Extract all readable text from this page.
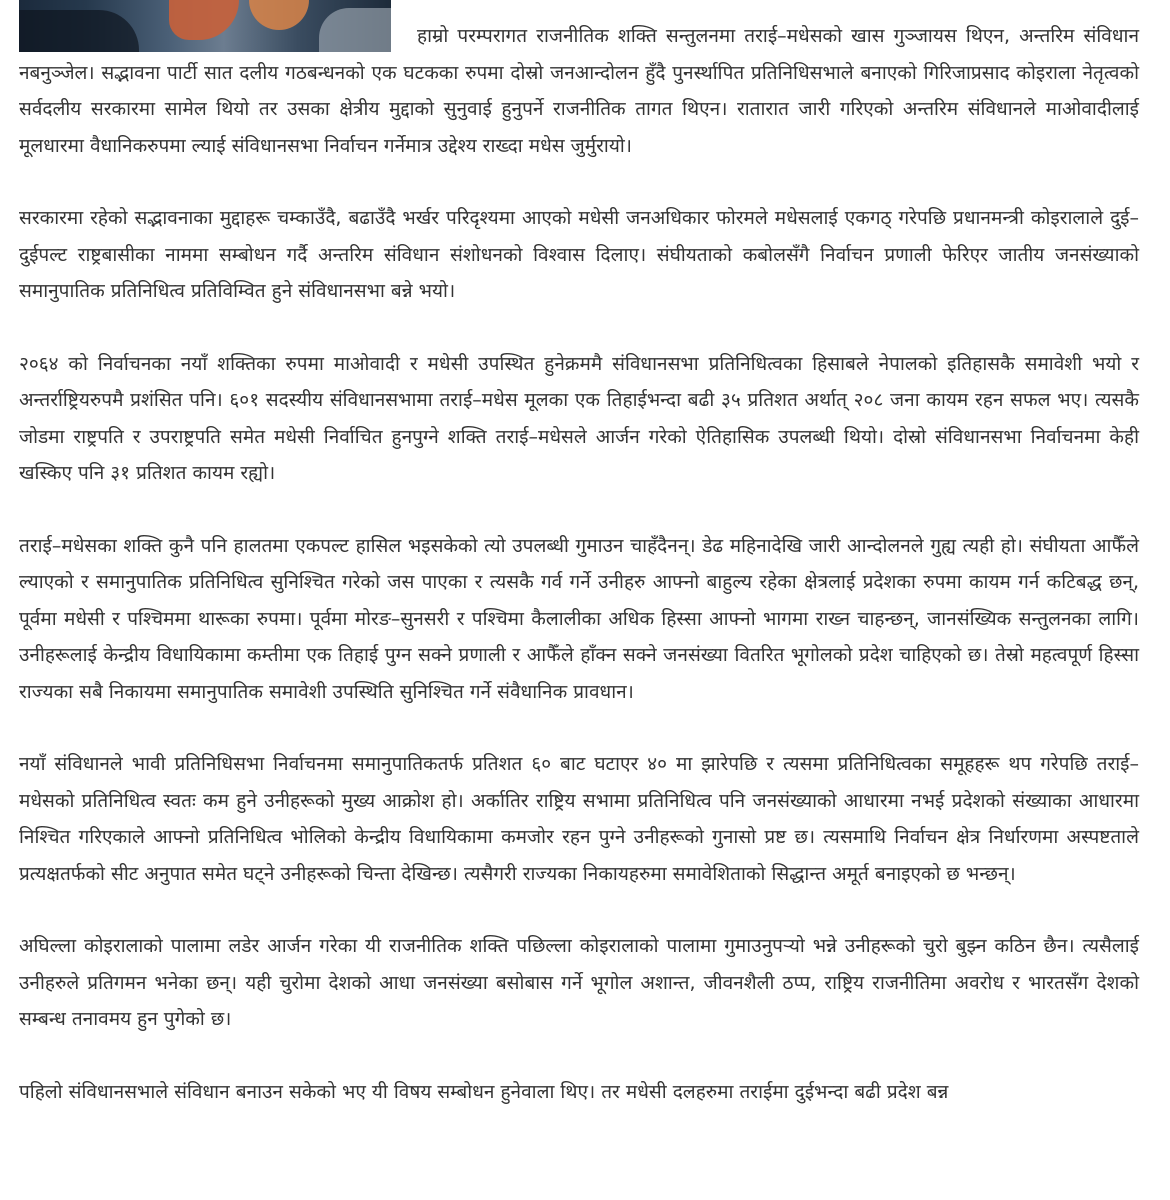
हाम्रो परम्परागत राजनीतिक शक्ति सन्तुलनमा तराई–मधेसको खास गुञ्जायस थिएन, अन्तरिम संविधान नबनुञ्जेल। सद्भावना पार्टी सात दलीय गठबन्धनको एक घटकका रुपमा दोस्रो जनआन्दोलन हुँदै पुनर्स्थापित प्रतिनिधिसभाले बनाएको गिरिजाप्रसाद कोइराला नेतृत्वको सर्वदलीय सरकारमा सामेल थियो तर उसका क्षेत्रीय मुद्दाको सुनुवाई हुनुपर्ने राजनीतिक तागत थिएन। रातारात जारी गरिएको अन्तरिम संविधानले माओवादीलाई मूलधारमा वैधानिकरुपमा ल्याई संविधानसभा निर्वाचन गर्नेमात्र उद्देश्य राख्दा मधेस जुर्मुरायो।

सरकारमा रहेको सद्भावनाका मुद्दाहरू चम्काउँदै, बढाउँदै भर्खर परिदृश्यमा आएको मधेसी जनअधिकार फोरमले मधेसलाई एकगठ् गरेपछि प्रधानमन्त्री कोइरालाले दुई–दुईपल्ट राष्ट्रबासीका नाममा सम्बोधन गर्दै अन्तरिम संविधान संशोधनको विश्वास दिलाए। संघीयताको कबोलसँगै निर्वाचन प्रणाली फेरिएर जातीय जनसंख्याको समानुपातिक प्रतिनिधित्व प्रतिविम्वित हुने संविधानसभा बन्ने भयो।

२०६४ को निर्वाचनका नयाँ शक्तिका रुपमा माओवादी र मधेसी उपस्थित हुनेक्रममै संविधानसभा प्रतिनिधित्वका हिसाबले नेपालको इतिहासकै समावेशी भयो र अन्तर्राष्ट्रियरुपमै प्रशंसित पनि। ६०१ सदस्यीय संविधानसभामा तराई–मधेस मूलका एक तिहाईभन्दा बढी ३५ प्रतिशत अर्थात् २०८ जना कायम रहन सफल भए। त्यसकै जोडमा राष्ट्रपति र उपराष्ट्रपति समेत मधेसी निर्वाचित हुनपुग्ने शक्ति तराई–मधेसले आर्जन गरेको ऐतिहासिक उपलब्धी थियो। दोस्रो संविधानसभा निर्वाचनमा केही खस्किए पनि ३१ प्रतिशत कायम रह्यो।

तराई–मधेसका शक्ति कुनै पनि हालतमा एकपल्ट हासिल भइसकेको त्यो उपलब्धी गुमाउन चाहँदैनन्। डेढ महिनादेखि जारी आन्दोलनले गुह्य त्यही हो। संघीयता आफैँले ल्याएको र समानुपातिक प्रतिनिधित्व सुनिश्चित गरेको जस पाएका र त्यसकै गर्व गर्ने उनीहरु आफ्नो बाहुल्य रहेका क्षेत्रलाई प्रदेशका रुपमा कायम गर्न कटिबद्ध छन्, पूर्वमा मधेसी र पश्चिममा थारूका रुपमा। पूर्वमा मोरङ–सुनसरी र पश्चिमा कैलालीका अधिक हिस्सा आफ्नो भागमा राख्न चाहन्छन्, जानसंख्यिक सन्तुलनका लागि। उनीहरूलाई केन्द्रीय विधायिकामा कम्तीमा एक तिहाई पुग्न सक्ने प्रणाली र आफैँले हाँक्न सक्ने जनसंख्या वितरित भूगोलको प्रदेश चाहिएको छ। तेस्रो महत्वपूर्ण हिस्सा राज्यका सबै निकायमा समानुपातिक समावेशी उपस्थिति सुनिश्चित गर्ने संवैधानिक प्रावधान।

नयाँ संविधानले भावी प्रतिनिधिसभा निर्वाचनमा समानुपातिकतर्फ प्रतिशत ६० बाट घटाएर ४० मा झारेपछि र त्यसमा प्रतिनिधित्वका समूहहरू थप गरेपछि तराई–मधेसको प्रतिनिधित्व स्वतः कम हुने उनीहरूको मुख्य आक्रोश हो। अर्कातिर राष्ट्रिय सभामा प्रतिनिधित्व पनि जनसंख्याको आधारमा नभई प्रदेशको संख्याका आधारमा निश्चित गरिएकाले आफ्नो प्रतिनिधित्व भोलिको केन्द्रीय विधायिकामा कमजोर रहन पुग्ने उनीहरूको गुनासो प्रष्ट छ। त्यसमाथि निर्वाचन क्षेत्र निर्धारणमा अस्पष्टताले प्रत्यक्षतर्फको सीट अनुपात समेत घट्ने उनीहरूको चिन्ता देखिन्छ। त्यसैगरी राज्यका निकायहरुमा समावेशिताको सिद्धान्त अमूर्त बनाइएको छ भन्छन्।

अघिल्ला कोइरालाको पालामा लडेर आर्जन गरेका यी राजनीतिक शक्ति पछिल्ला कोइरालाको पालामा गुमाउनुपर्‍यो भन्ने उनीहरूको चुरो बुझ्न कठिन छैन। त्यसैलाई उनीहरुले प्रतिगमन भनेका छन्। यही चुरोमा देशको आधा जनसंख्या बसोबास गर्ने भूगोल अशान्त, जीवनशैली ठप्प, राष्ट्रिय राजनीतिमा अवरोध र भारतसँग देशको सम्बन्ध तनावमय हुन पुगेको छ।

पहिलो संविधानसभाले संविधान बनाउन सकेको भए यी विषय सम्बोधन हुनेवाला थिए। तर मधेसी दलहरुमा तराईमा दुईभन्दा बढी प्रदेश बन्न
